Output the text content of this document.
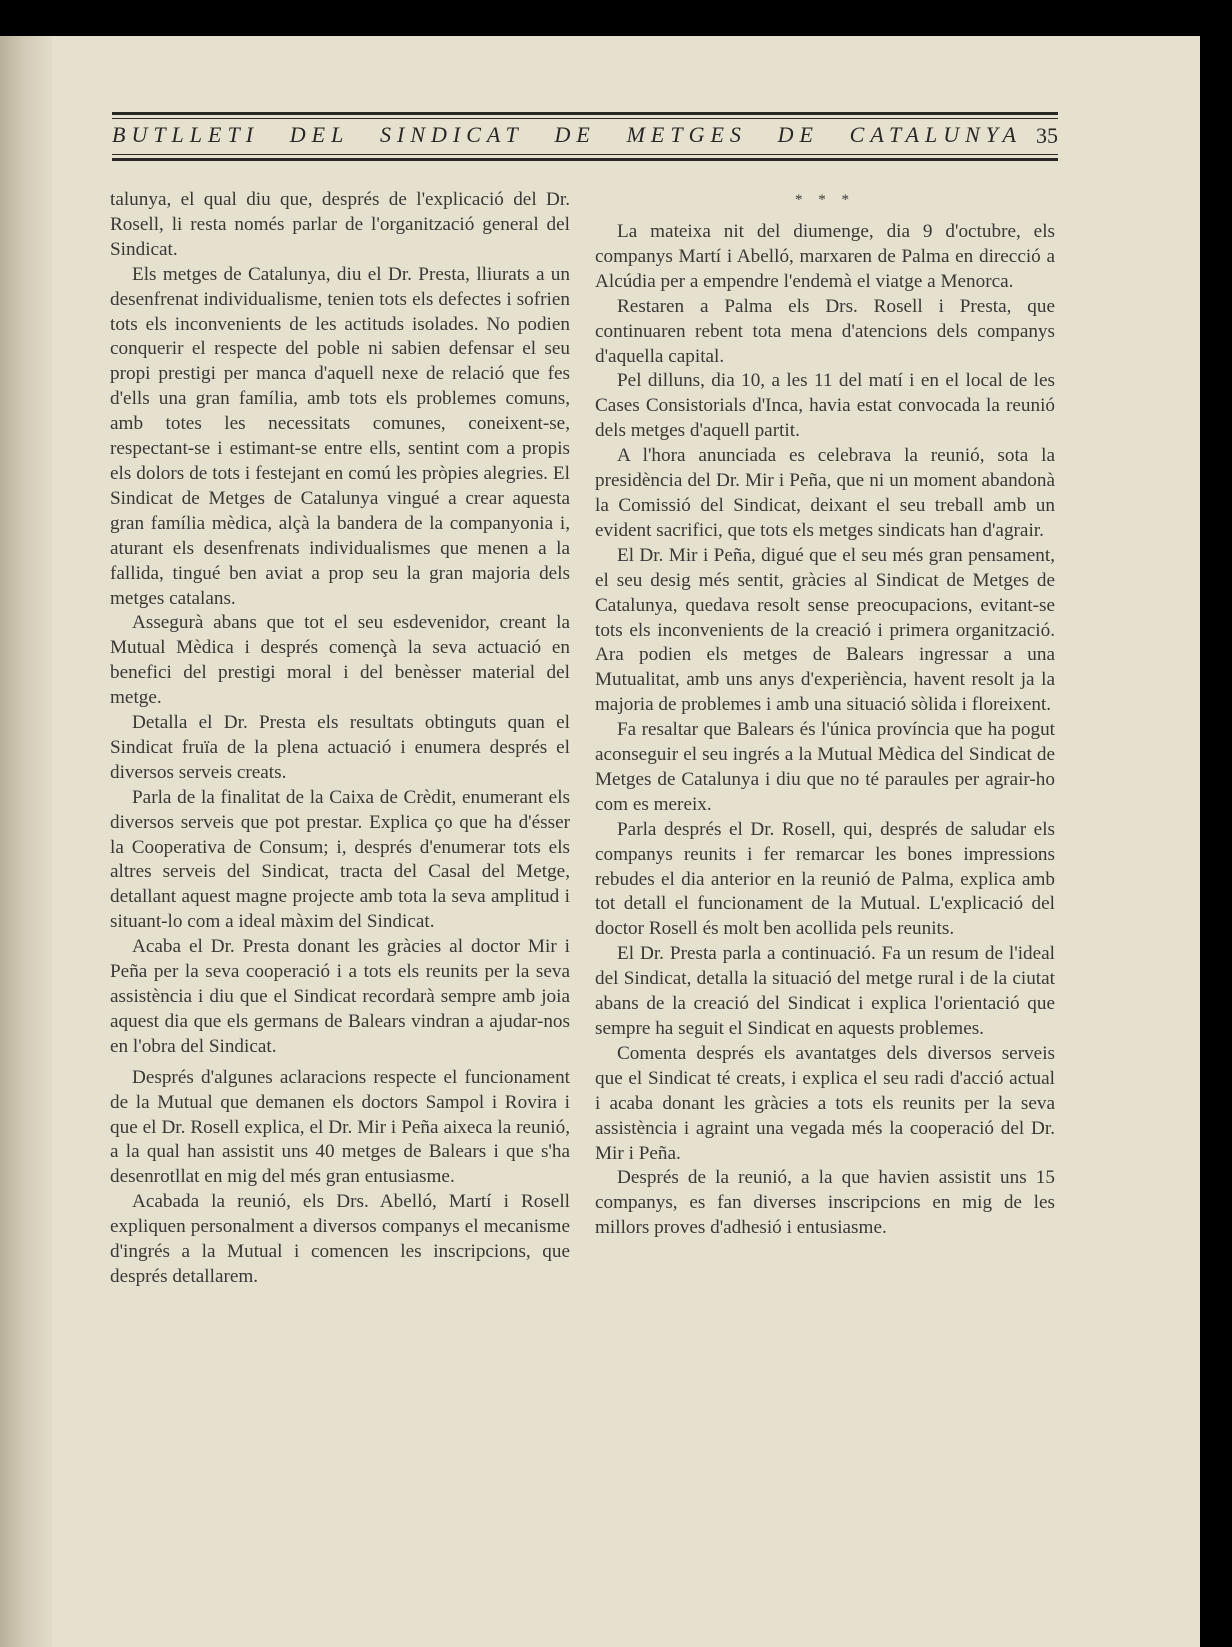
BUTLLETI DEL SINDICAT DE METGES DE CATALUNYA 35

talunya, el qual diu que, després de l'explicació del Dr. Rosell, li resta només parlar de l'organització general del Sindicat.

Els metges de Catalunya, diu el Dr. Presta, lliurats a un desenfrenat individualisme, tenien tots els defectes i sofrien tots els inconvenients de les actituds isolades. No podien conquerir el respecte del poble ni sabien defensar el seu propi prestigi per manca d'aquell nexe de relació que fes d'ells una gran família, amb tots els problemes comuns, amb totes les necessitats comunes, coneixent-se, respectant-se i estimant-se entre ells, sentint com a propis els dolors de tots i festejant en comú les pròpies alegries. El Sindicat de Metges de Catalunya vingué a crear aquesta gran família mèdica, alçà la bandera de la companyonia i, aturant els desenfrenats individualismes que menen a la fallida, tingué ben aviat a prop seu la gran majoria dels metges catalans.

Assegurà abans que tot el seu esdevenidor, creant la Mutual Mèdica i després començà la seva actuació en benefici del prestigi moral i del benèsser material del metge.

Detalla el Dr. Presta els resultats obtinguts quan el Sindicat fruïa de la plena actuació i enumera després el diversos serveis creats.

Parla de la finalitat de la Caixa de Crèdit, enumerant els diversos serveis que pot prestar. Explica ço que ha d'ésser la Cooperativa de Consum; i, després d'enumerar tots els altres serveis del Sindicat, tracta del Casal del Metge, detallant aquest magne projecte amb tota la seva amplitud i situant-lo com a ideal màxim del Sindicat.

Acaba el Dr. Presta donant les gràcies al doctor Mir i Peña per la seva cooperació i a tots els reunits per la seva assistència i diu que el Sindicat recordarà sempre amb joia aquest dia que els germans de Balears vindran a ajudar-nos en l'obra del Sindicat.

Després d'algunes aclaracions respecte el funcionament de la Mutual que demanen els doctors Sampol i Rovira i que el Dr. Rosell explica, el Dr. Mir i Peña aixeca la reunió, a la qual han assistit uns 40 metges de Balears i que s'ha desenrotllat en mig del més gran entusiasme.

Acabada la reunió, els Drs. Abelló, Martí i Rosell expliquen personalment a diversos companys el mecanisme d'ingrés a la Mutual i comencen les inscripcions, que després detallarem.

* * *

La mateixa nit del diumenge, dia 9 d'octubre, els companys Martí i Abelló, marxaren de Palma en direcció a Alcúdia per a empendre l'endemà el viatge a Menorca.

Restaren a Palma els Drs. Rosell i Presta, que continuaren rebent tota mena d'atencions dels companys d'aquella capital.

Pel dilluns, dia 10, a les 11 del matí i en el local de les Cases Consistorials d'Inca, havia estat convocada la reunió dels metges d'aquell partit.

A l'hora anunciada es celebrava la reunió, sota la presidència del Dr. Mir i Peña, que ni un moment abandonà la Comissió del Sindicat, deixant el seu treball amb un evident sacrifici, que tots els metges sindicats han d'agrair.

El Dr. Mir i Peña, digué que el seu més gran pensament, el seu desig més sentit, gràcies al Sindicat de Metges de Catalunya, quedava resolt sense preocupacions, evitant-se tots els inconvenients de la creació i primera organització. Ara podien els metges de Balears ingressar a una Mutualitat, amb uns anys d'experiència, havent resolt ja la majoria de problemes i amb una situació sòlida i floreixent.

Fa resaltar que Balears és l'única província que ha pogut aconseguir el seu ingrés a la Mutual Mèdica del Sindicat de Metges de Catalunya i diu que no té paraules per agrair-ho com es mereix.

Parla després el Dr. Rosell, qui, després de saludar els companys reunits i fer remarcar les bones impressions rebudes el dia anterior en la reunió de Palma, explica amb tot detall el funcionament de la Mutual. L'explicació del doctor Rosell és molt ben acollida pels reunits.

El Dr. Presta parla a continuació. Fa un resum de l'ideal del Sindicat, detalla la situació del metge rural i de la ciutat abans de la creació del Sindicat i explica l'orientació que sempre ha seguit el Sindicat en aquests problemes.

Comenta després els avantatges dels diversos serveis que el Sindicat té creats, i explica el seu radi d'acció actual i acaba donant les gràcies a tots els reunits per la seva assistència i agraint una vegada més la cooperació del Dr. Mir i Peña.

Després de la reunió, a la que havien assistit uns 15 companys, es fan diverses inscripcions en mig de les millors proves d'adhesió i entusiasme.
